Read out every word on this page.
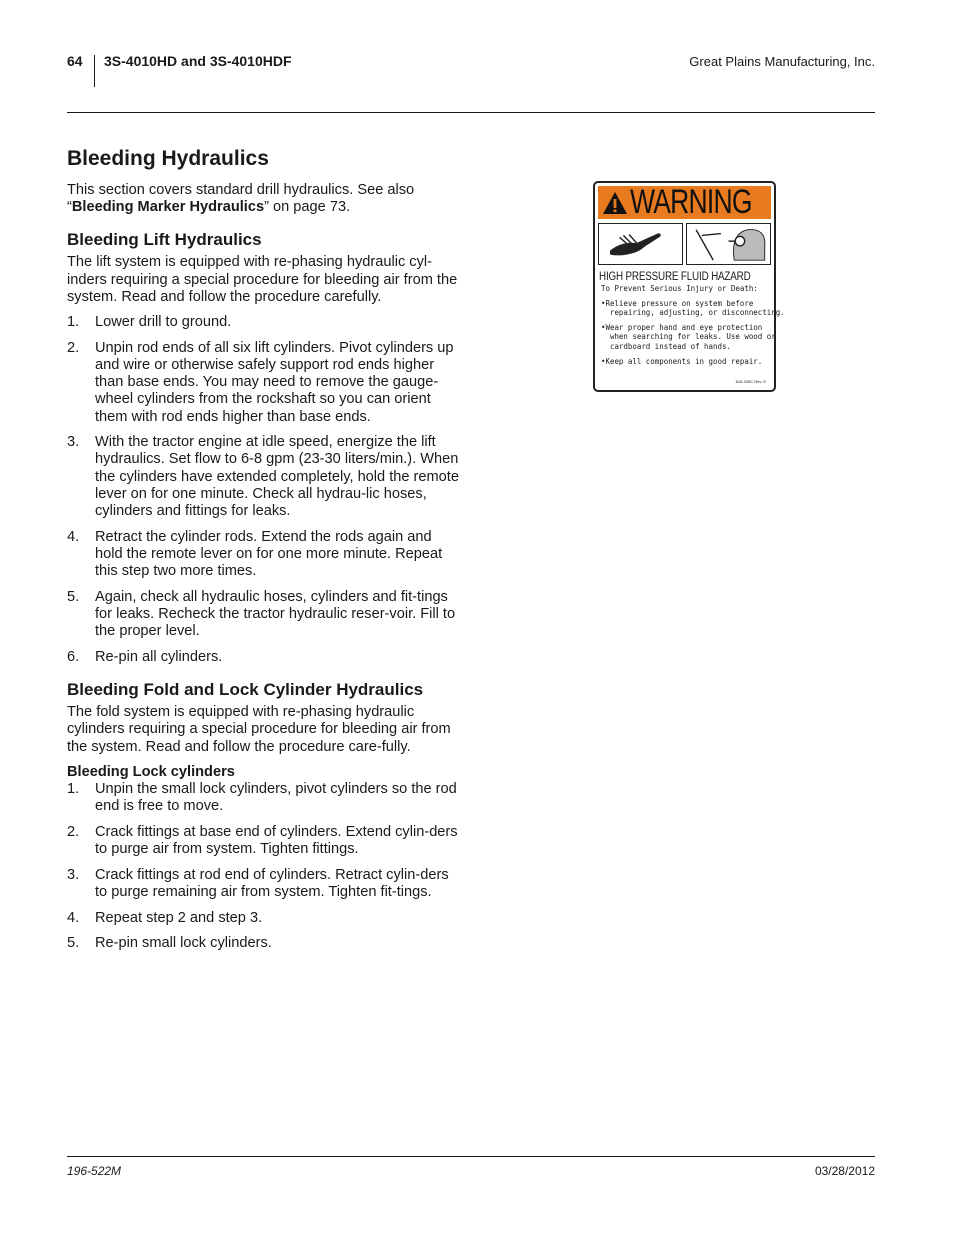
64 3S-4010HD and 3S-4010HDF	Great Plains Manufacturing, Inc.
Bleeding Hydraulics

This section covers standard drill hydraulics. See also “Bleeding Marker Hydraulics” on page 73.

Bleeding Lift Hydraulics

The lift system is equipped with re-phasing hydraulic cyl-inders requiring a special procedure for bleeding air from the system. Read and follow the procedure carefully.

1. Lower drill to ground.
2. Unpin rod ends of all six lift cylinders. Pivot cylinders up and wire or otherwise safely support rod ends higher than base ends. You may need to remove the gauge-wheel cylinders from the rockshaft so you can orient them with rod ends higher than base ends.
3. With the tractor engine at idle speed, energize the lift hydraulics. Set flow to 6-8 gpm (23-30 liters/min.). When the cylinders have extended completely, hold the remote lever on for one minute. Check all hydrau-lic hoses, cylinders and fittings for leaks.
4. Retract the cylinder rods. Extend the rods again and hold the remote lever on for one more minute. Repeat this step two more times.
5. Again, check all hydraulic hoses, cylinders and fit-tings for leaks. Recheck the tractor hydraulic reser-voir. Fill to the proper level.
6. Re-pin all cylinders.
Bleeding Fold and Lock Cylinder Hydraulics

The fold system is equipped with re-phasing hydraulic cylinders requiring a special procedure for bleeding air from the system. Read and follow the procedure care-fully.

Bleeding Lock cylinders
1. Unpin the small lock cylinders, pivot cylinders so the rod end is free to move.
2. Crack fittings at base end of cylinders. Extend cylin-ders to purge air from system. Tighten fittings.
3. Crack fittings at rod end of cylinders. Retract cylin-ders to purge remaining air from system. Tighten fit-tings.
4. Repeat step 2 and step 3.
5. Re-pin small lock cylinders.
WARNING
HIGH PRESSURE FLUID HAZARD
To Prevent Serious Injury or Death:
•Relieve pressure on system before
repairing, adjusting, or disconnecting.
•Wear proper hand and eye protection
when searching for leaks. Use wood or
cardboard instead of hands.
•Keep all components in good repair.
818-339C Rev. E
196-522M	03/28/2012
